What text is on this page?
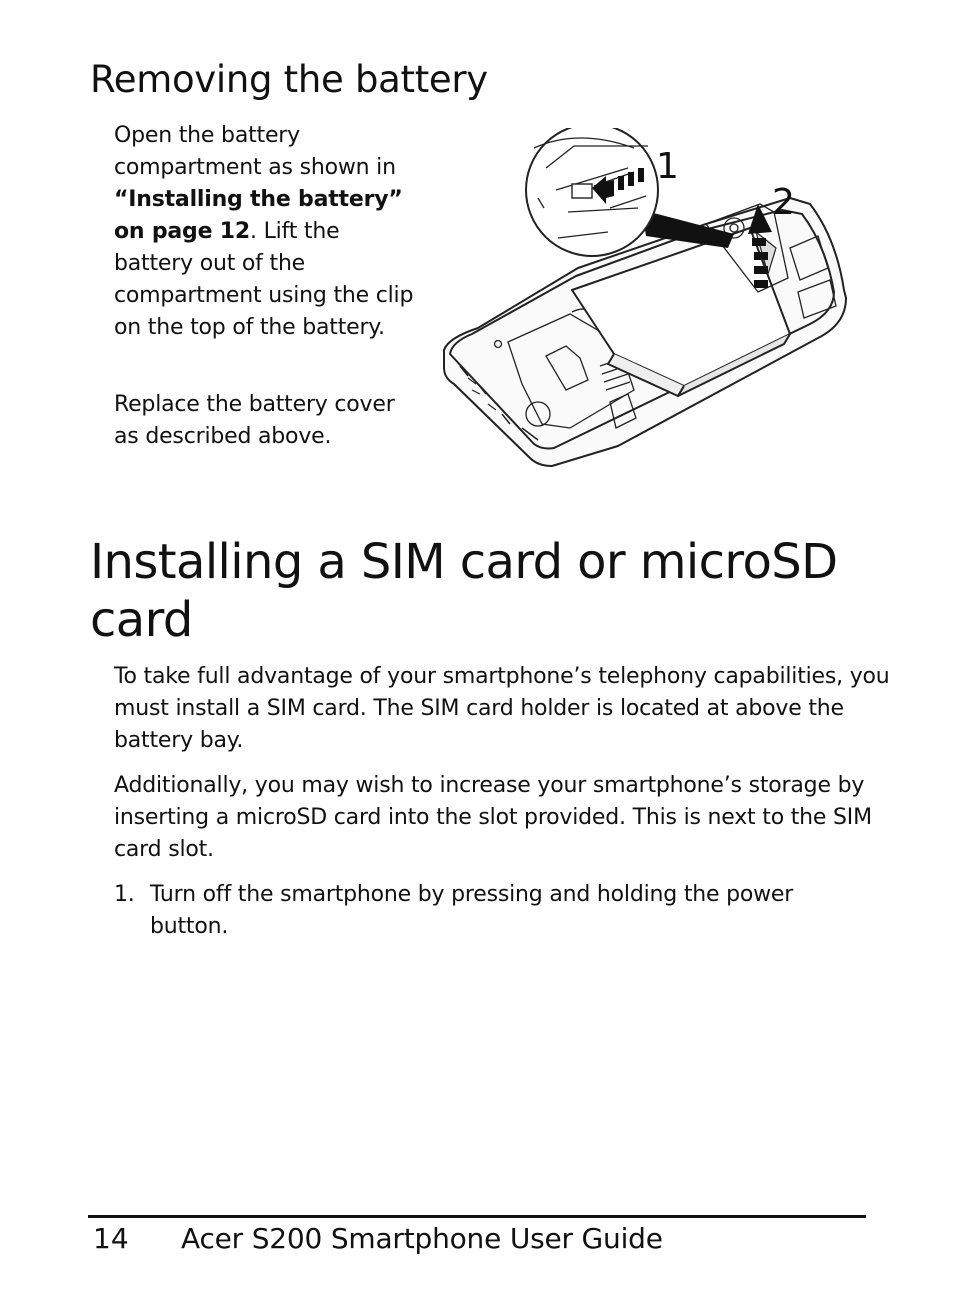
Removing the battery

Open the battery compartment as shown in “Installing the battery” on page 12. Lift the battery out of the compartment using the clip on the top of the battery.

Replace the battery cover as described above.

1
2
Installing a SIM card or microSD card

To take full advantage of your smartphone’s telephony capabilities, you must install a SIM card. The SIM card holder is located at above the battery bay.

Additionally, you may wish to increase your smartphone’s storage by inserting a microSD card into the slot provided. This is next to the SIM card slot.

1. Turn off the smartphone by pressing and holding the power button.
14 Acer S200 Smartphone User Guide
